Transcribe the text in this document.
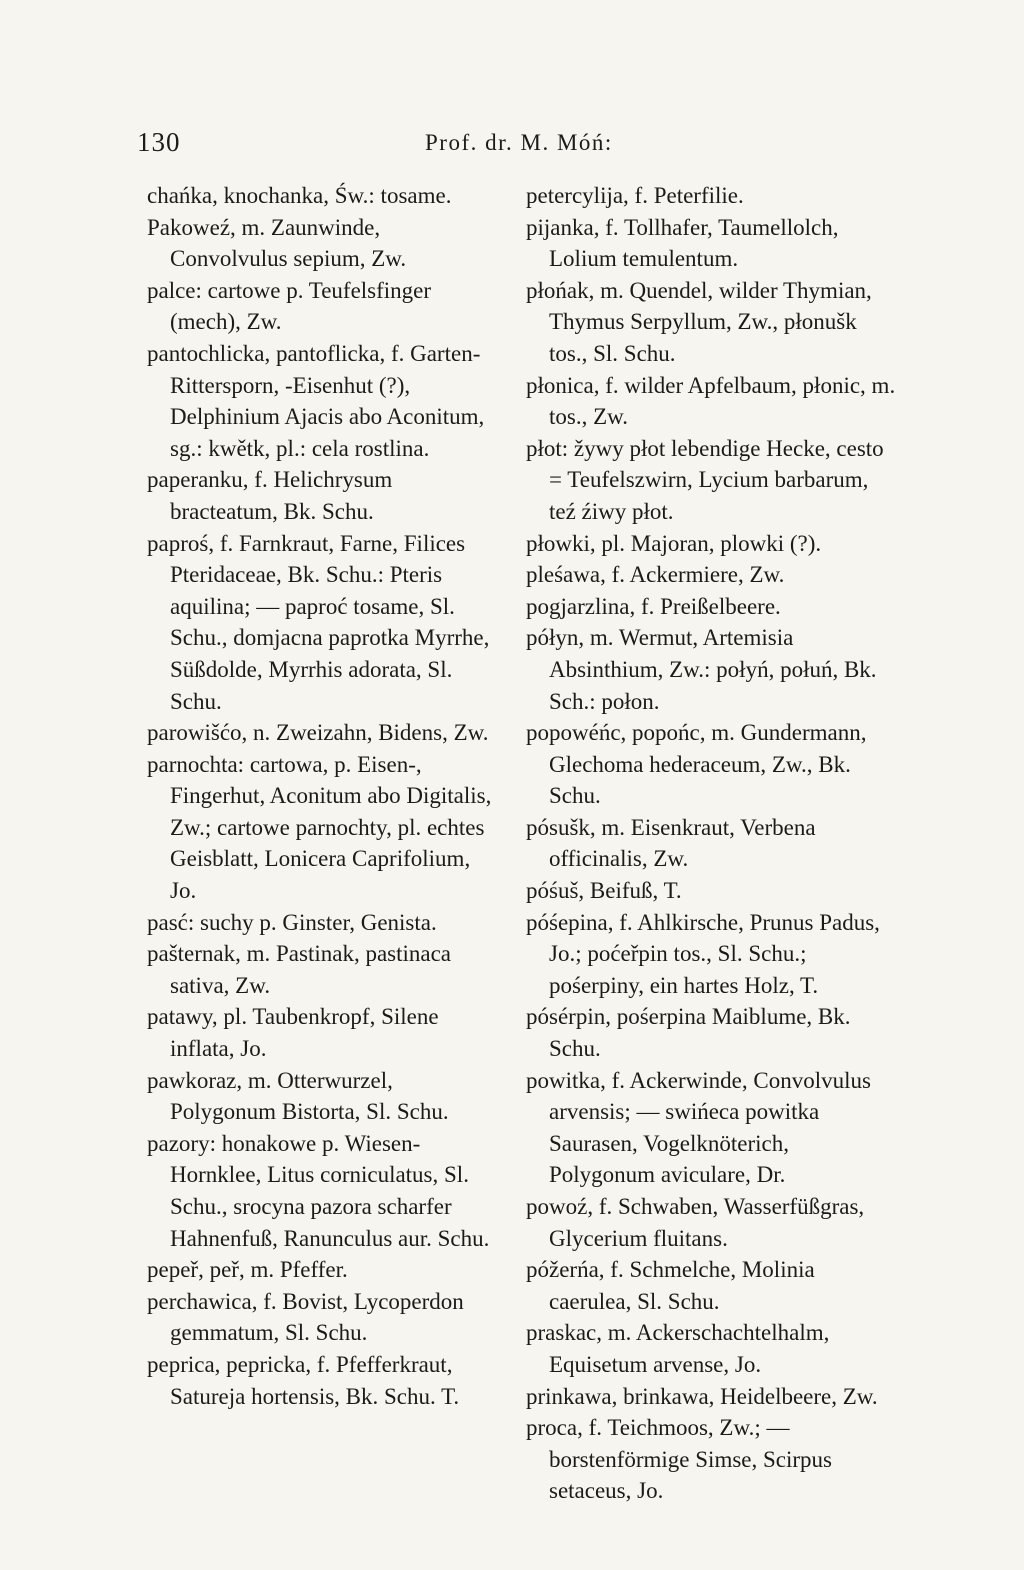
130	Prof. dr. M. Móń:

chańka, knochanka, Św.: tosame.

Pakoweź, m. Zaunwinde, Convolvulus sepium, Zw.

palce: cartowe p. Teufelsfinger (mech), Zw.

pantochlicka, pantoflicka, f. Garten-Rittersporn, -Eisenhut (?), Delphinium Ajacis abo Aconitum, sg.: kwětk, pl.: cela rostlina.

paperanku, f. Helichrysum bracteatum, Bk. Schu.

paproś, f. Farnkraut, Farne, Filices Pteridaceae, Bk. Schu.: Pteris aquilina; — paproć tosame, Sl. Schu., domjacna paprotka Myrrhe, Süßdolde, Myrrhis adorata, Sl. Schu.

parowišćo, n. Zweizahn, Bidens, Zw.

parnochta: cartowa, p. Eisen-, Fingerhut, Aconitum abo Digitalis, Zw.; cartowe parnochty, pl. echtes Geisblatt, Lonicera Caprifolium, Jo.

pasć: suchy p. Ginster, Genista.

pašternak, m. Pastinak, pastinaca sativa, Zw.

patawy, pl. Taubenkropf, Silene inflata, Jo.

pawkoraz, m. Otterwurzel, Polygonum Bistorta, Sl. Schu.

pazory: honakowe p. Wiesen-Hornklee, Litus corniculatus, Sl. Schu., srocyna pazora scharfer Hahnenfuß, Ranunculus aur. Schu.

pepeř, peř, m. Pfeffer.

perchawica, f. Bovist, Lycoperdon gemmatum, Sl. Schu.

peprica, pepricka, f. Pfefferkraut, Satureja hortensis, Bk. Schu. T.

petercylija, f. Peterfilie.

pijanka, f. Tollhafer, Taumellolch, Lolium temulentum.

płońak, m. Quendel, wilder Thymian, Thymus Serpyllum, Zw., płonušk tos., Sl. Schu.

płonica, f. wilder Apfelbaum, płonic, m. tos., Zw.

płot: žywy płot lebendige Hecke, cesto = Teufelszwirn, Lycium barbarum, teź źiwy płot.

płowki, pl. Majoran, plowki (?).

pleśawa, f. Ackermiere, Zw.

pogjarzlina, f. Preißelbeere.

półyn, m. Wermut, Artemisia Absinthium, Zw.: połyń, połuń, Bk. Sch.: połon.

popowéńc, popońc, m. Gundermann, Glechoma hederaceum, Zw., Bk. Schu.

pósušk, m. Eisenkraut, Verbena officinalis, Zw.

póśuš, Beifuß, T.

póśepina, f. Ahlkirsche, Prunus Padus, Jo.; poćeřpin tos., Sl. Schu.; pośerpiny, ein hartes Holz, T.

pósérpin, pośerpina Maiblume, Bk. Schu.

powitka, f. Ackerwinde, Convolvulus arvensis; — swińeca powitka Saurasen, Vogelknöterich, Polygonum aviculare, Dr.

powoź, f. Schwaben, Wasserfüßgras, Glycerium fluitans.

póžerńa, f. Schmelche, Molinia caerulea, Sl. Schu.

praskac, m. Ackerschachtelhalm, Equisetum arvense, Jo.

prinkawa, brinkawa, Heidelbeere, Zw.

proca, f. Teichmoos, Zw.; — borstenförmige Simse, Scirpus setaceus, Jo.
